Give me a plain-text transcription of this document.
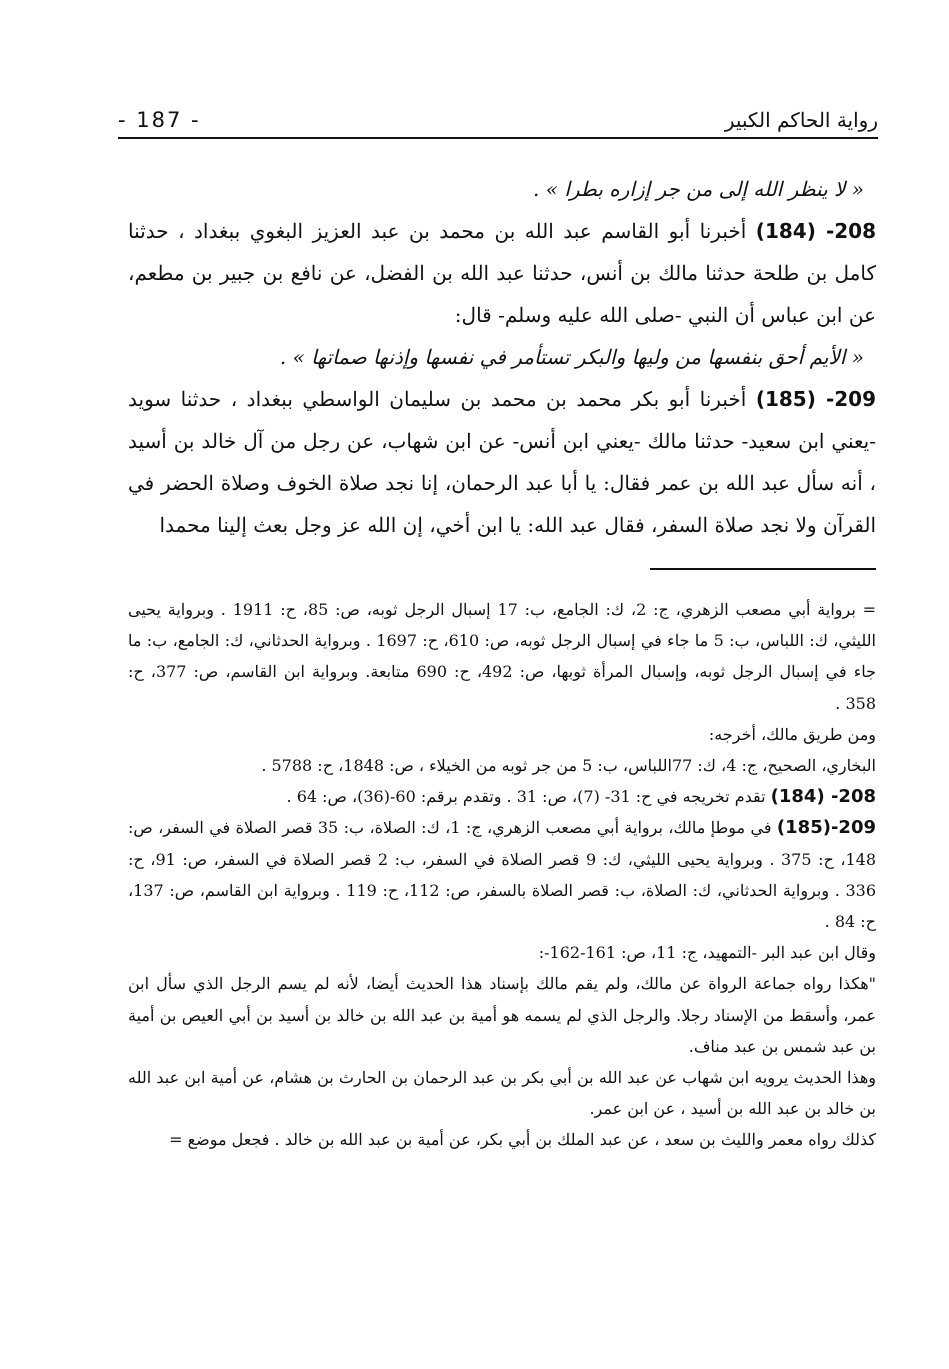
رواية الحاكم الكبير
- 187 -

« لا ينظر الله إلى من جر إزاره بطرا » .

208- (184) أخبرنا أبو القاسم عبد الله بن محمد بن عبد العزيز البغوي ببغداد ، حدثنا كامل بن طلحة حدثنا مالك بن أنس، حدثنا عبد الله بن الفضل، عن نافع بن جبير بن مطعم، عن ابن عباس أن النبي -صلى الله عليه وسلم- قال:

« الأيم أحق بنفسها من وليها والبكر تستأمر في نفسها وإذنها صماتها » .

209- (185) أخبرنا أبو بكر محمد بن محمد بن سليمان الواسطي ببغداد ، حدثنا سويد -يعني ابن سعيد- حدثنا مالك -يعني ابن أنس- عن ابن شهاب، عن رجل من آل خالد بن أسيد ، أنه سأل عبد الله بن عمر فقال: يا أبا عبد الرحمان، إنا نجد صلاة الخوف وصلاة الحضر في القرآن ولا نجد صلاة السفر، فقال عبد الله: يا ابن أخي، إن الله عز وجل بعث إلينا محمدا

= برواية أبي مصعب الزهري، ج: 2، ك: الجامع، ب: 17 إسبال الرجل ثوبه، ص: 85، ح: 1911 . وبرواية يحيى الليثي، ك: اللباس، ب: 5 ما جاء في إسبال الرجل ثوبه، ص: 610، ح: 1697 . وبرواية الحدثاني، ك: الجامع، ب: ما جاء في إسبال الرجل ثوبه، وإسبال المرأة ثوبها، ص: 492، ح: 690 متابعة. وبرواية ابن القاسم، ص: 377، ح: 358 .

ومن طريق مالك، أخرجه:

البخاري، الصحيح، ج: 4، ك: 77اللباس، ب: 5 من جر ثوبه من الخيلاء ، ص: 1848، ح: 5788 .

208- (184) تقدم تخريجه في ح: 31- (7)، ص: 31 . وتقدم برقم: 60-(36)، ص: 64 .

209-(185) في موطإ مالك، برواية أبي مصعب الزهري، ج: 1، ك: الصلاة، ب: 35 قصر الصلاة في السفر، ص: 148، ح: 375 . وبرواية يحيى الليثي، ك: 9 قصر الصلاة في السفر، ب: 2 قصر الصلاة في السفر، ص: 91، ح: 336 . وبرواية الحدثاني، ك: الصلاة، ب: قصر الصلاة بالسفر، ص: 112، ح: 119 . وبرواية ابن القاسم، ص: 137، ح: 84 .

وقال ابن عبد البر -التمهيد، ج: 11، ص: 161-162-:

"هكذا رواه جماعة الرواة عن مالك، ولم يقم مالك بإسناد هذا الحديث أيضا، لأنه لم يسم الرجل الذي سأل ابن عمر، وأسقط من الإسناد رجلا. والرجل الذي لم يسمه هو أمية بن عبد الله بن خالد بن أسيد بن أبي العيص بن أمية بن عبد شمس بن عبد مناف.

وهذا الحديث يرويه ابن شهاب عن عبد الله بن أبي بكر بن عبد الرحمان بن الحارث بن هشام، عن أمية ابن عبد الله بن خالد بن عبد الله بن أسيد ، عن ابن عمر.

كذلك رواه معمر والليث بن سعد ، عن عبد الملك بن أبي بكر، عن أمية بن عبد الله بن خالد . فجعل موضع =
